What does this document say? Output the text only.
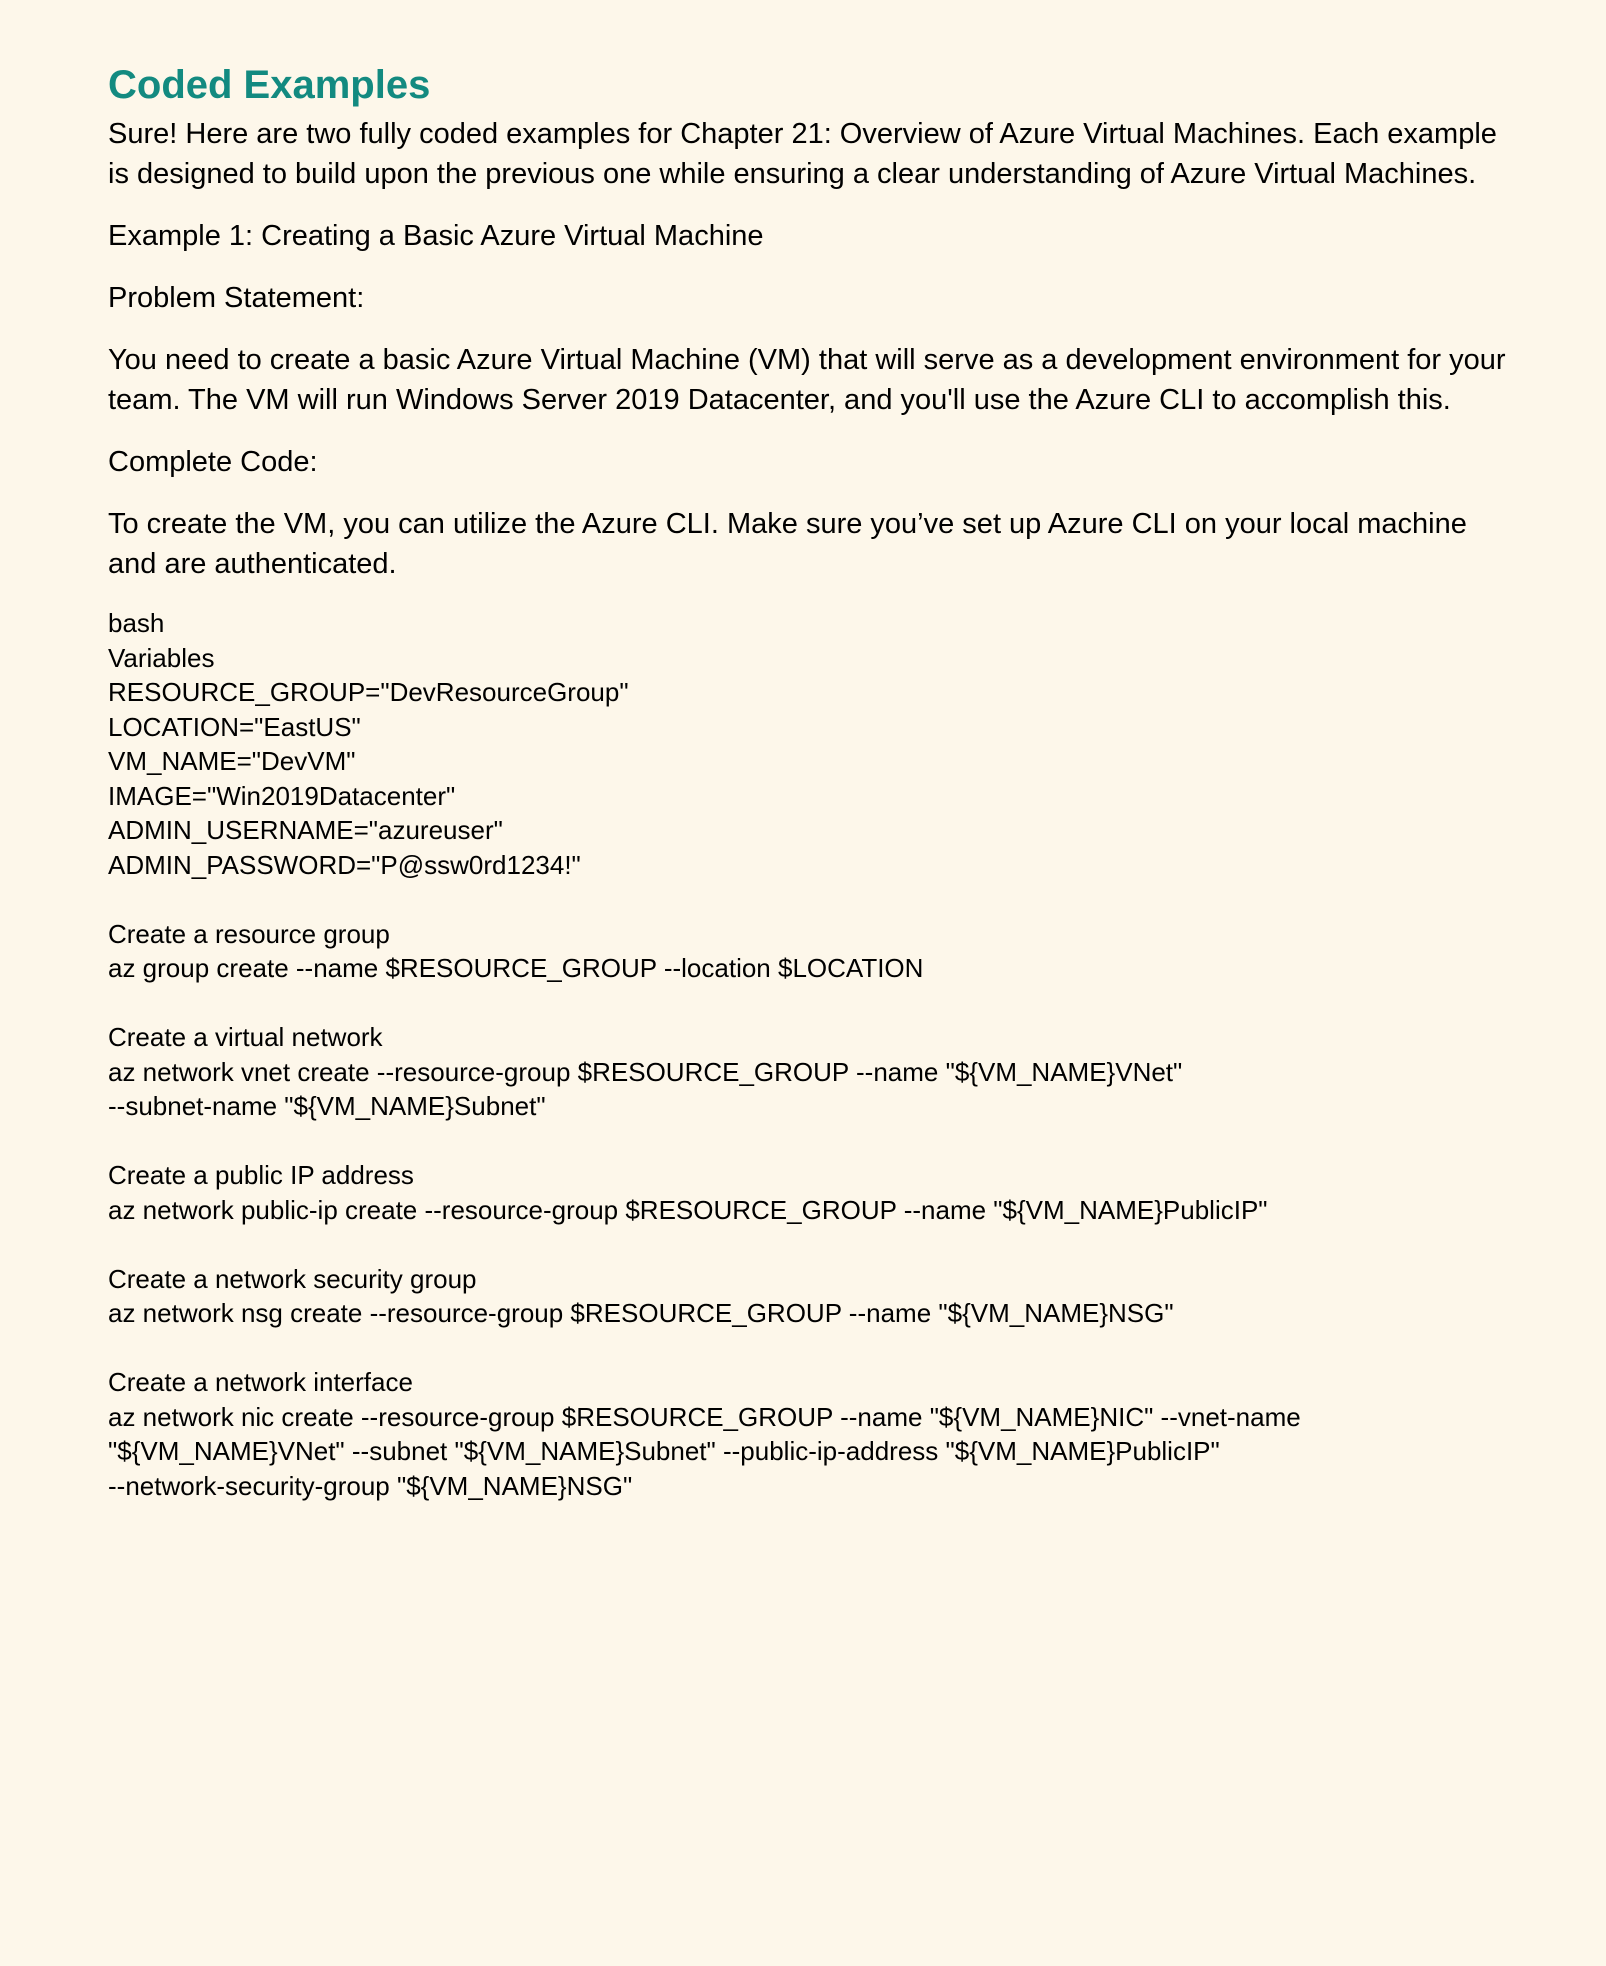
Coded Examples

Sure! Here are two fully coded examples for Chapter 21: Overview of Azure Virtual Machines. Each example is designed to build upon the previous one while ensuring a clear understanding of Azure Virtual Machines.

Example 1: Creating a Basic Azure Virtual Machine

Problem Statement:

You need to create a basic Azure Virtual Machine (VM) that will serve as a development environment for your team. The VM will run Windows Server 2019 Datacenter, and you'll use the Azure CLI to accomplish this.

Complete Code:

To create the VM, you can utilize the Azure CLI. Make sure you’ve set up Azure CLI on your local machine and are authenticated.

bash
Variables
RESOURCE_GROUP="DevResourceGroup"
LOCATION="EastUS"
VM_NAME="DevVM"
IMAGE="Win2019Datacenter"
ADMIN_USERNAME="azureuser"
ADMIN_PASSWORD="P@ssw0rd1234!"
Create a resource group
az group create --name $RESOURCE_GROUP --location $LOCATION
Create a virtual network
az network vnet create --resource-group $RESOURCE_GROUP --name "${VM_NAME}VNet"
--subnet-name "${VM_NAME}Subnet"
Create a public IP address
az network public-ip create --resource-group $RESOURCE_GROUP --name "${VM_NAME}PublicIP"
Create a network security group
az network nsg create --resource-group $RESOURCE_GROUP --name "${VM_NAME}NSG"
Create a network interface
az network nic create --resource-group $RESOURCE_GROUP --name "${VM_NAME}NIC" --vnet-name
"${VM_NAME}VNet" --subnet "${VM_NAME}Subnet" --public-ip-address "${VM_NAME}PublicIP"
--network-security-group "${VM_NAME}NSG"
